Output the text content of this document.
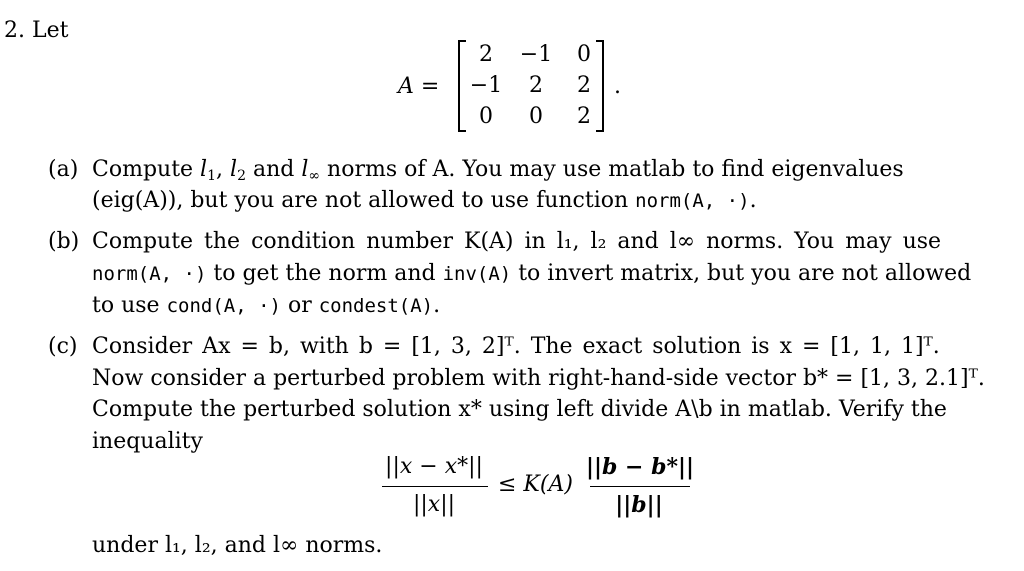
2. Let
A =
2	−1	0
−1	2	2
0	0	2
.
(a) Compute $l_1$, $l_2$ and $l_\infty$ norms of A. You may use matlab to find eigenvalues
(eig(A)), but you are not allowed to use function norm(A, ·).
(b) Compute the condition number K(A) in l₁, l₂ and l∞ norms. You may use
norm(A, ·) to get the norm and inv(A) to invert matrix, but you are not allowed
to use cond(A, ·) or condest(A).
(c) Consider Ax = b, with b = [1, 3, 2]ᵀ. The exact solution is x = [1, 1, 1]ᵀ.
Now consider a perturbed problem with right-hand-side vector b* = [1, 3, 2.1]ᵀ.
Compute the perturbed solution x* using left divide A\b in matlab. Verify the
inequality
||x − x*||
||x||
≤ K(A)
||b − b*||
||b||
under l₁, l₂, and l∞ norms.
